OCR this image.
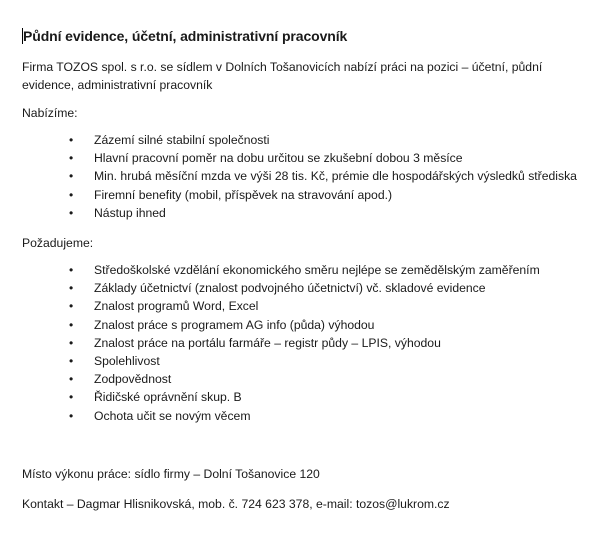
Půdní evidence, účetní, administrativní pracovník
Firma TOZOS spol. s r.o. se sídlem v Dolních Tošanovicích nabízí práci na pozici – účetní, půdní evidence, administrativní pracovník
Nabízíme:
• Zázemí silné stabilní společnosti
• Hlavní pracovní poměr na dobu určitou se zkušební dobou 3 měsíce
• Min. hrubá měsíční mzda ve výši 28 tis. Kč, prémie dle hospodářských výsledků střediska
• Firemní benefity (mobil, příspěvek na stravování apod.)
• Nástup ihned
Požadujeme:
• Středoškolské vzdělání ekonomického směru nejlépe se zemědělským zaměřením
• Základy účetnictví (znalost podvojného účetnictví) vč. skladové evidence
• Znalost programů Word, Excel
• Znalost práce s programem AG info (půda) výhodou
• Znalost práce na portálu farmáře – registr půdy – LPIS, výhodou
• Spolehlivost
• Zodpovědnost
• Řidičské oprávnění skup. B
• Ochota učit se novým věcem
Místo výkonu práce: sídlo firmy – Dolní Tošanovice 120
Kontakt – Dagmar Hlisnikovská, mob. č. 724 623 378, e-mail: tozos@lukrom.cz
